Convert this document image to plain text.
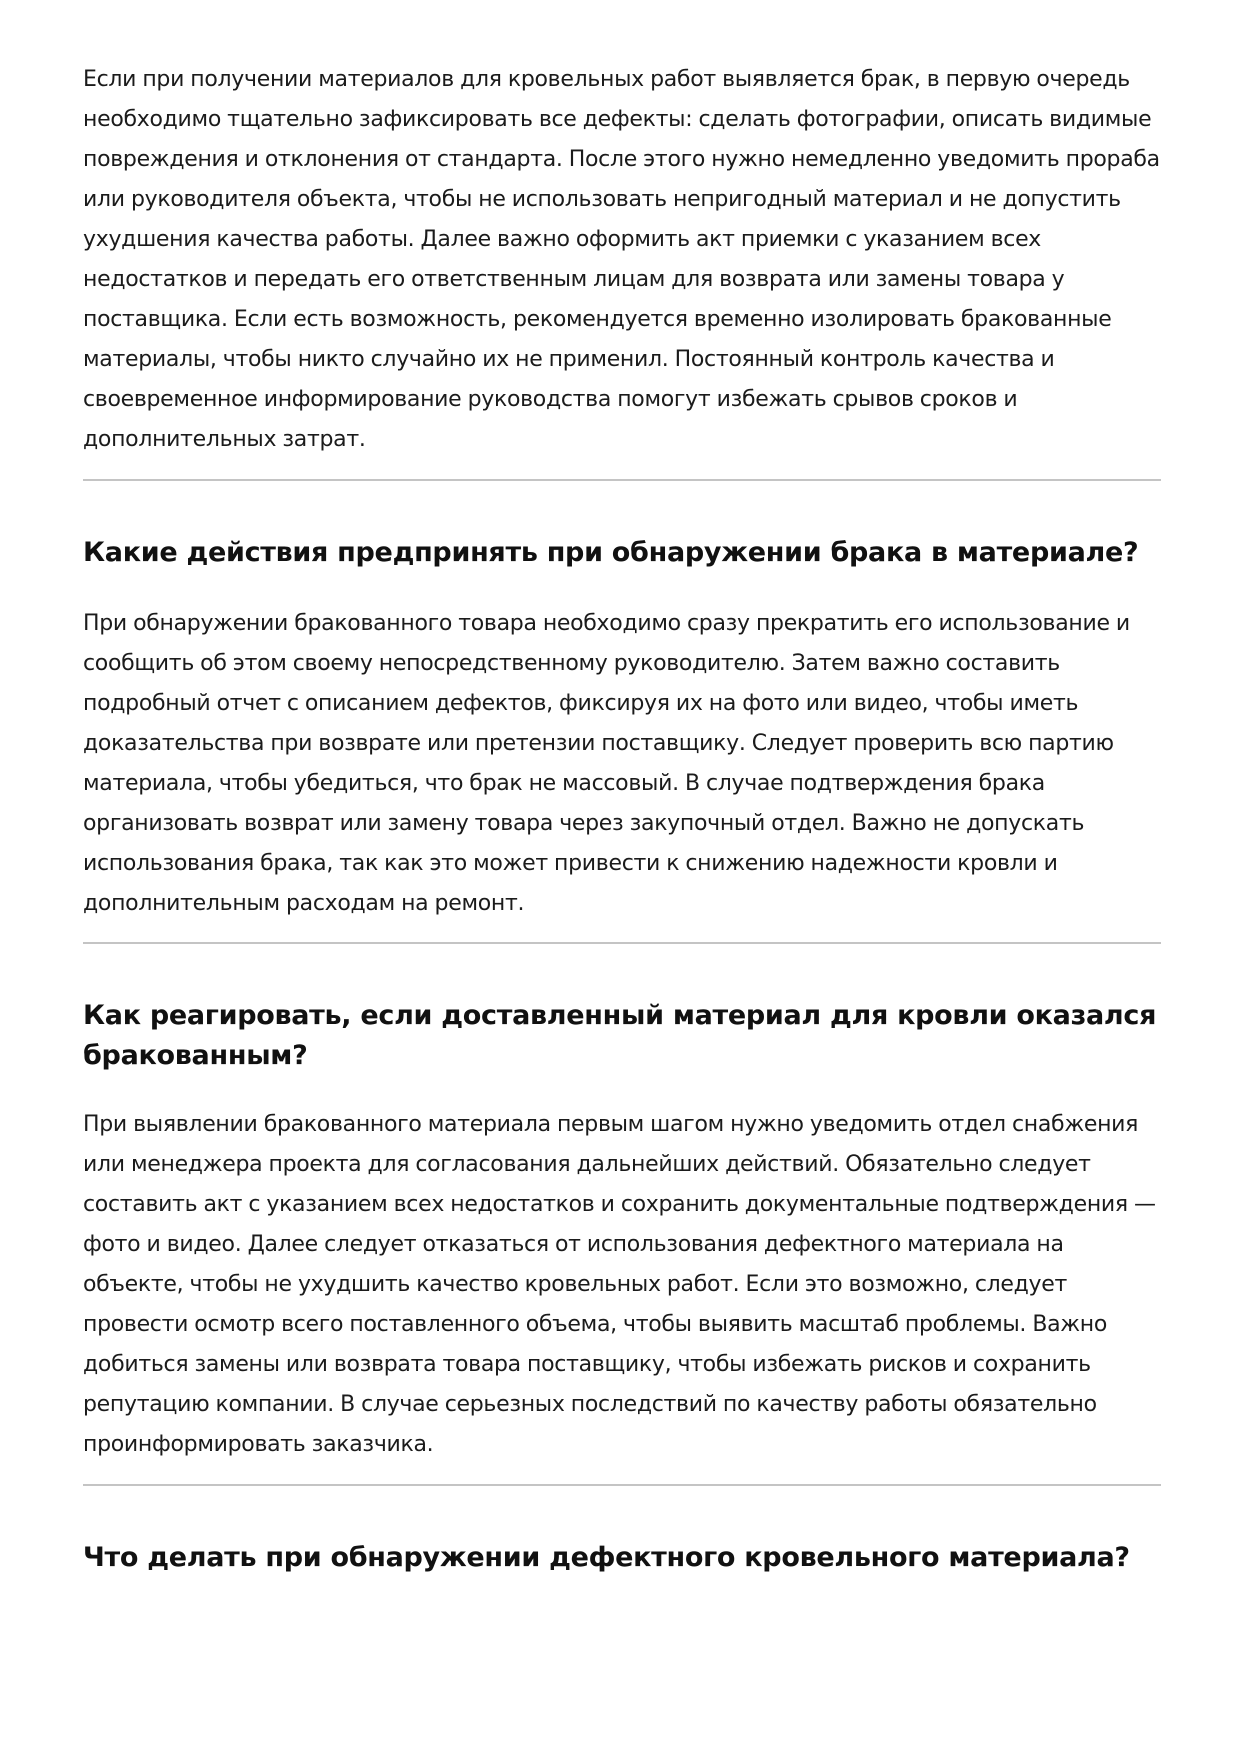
Если при получении материалов для кровельных работ выявляется брак, в первую очередь необходимо тщательно зафиксировать все дефекты: сделать фотографии, описать видимые повреждения и отклонения от стандарта. После этого нужно немедленно уведомить прораба или руководителя объекта, чтобы не использовать непригодный материал и не допустить ухудшения качества работы. Далее важно оформить акт приемки с указанием всех недостатков и передать его ответственным лицам для возврата или замены товара у поставщика. Если есть возможность, рекомендуется временно изолировать бракованные материалы, чтобы никто случайно их не применил. Постоянный контроль качества и своевременное информирование руководства помогут избежать срывов сроков и дополнительных затрат.

Какие действия предпринять при обнаружении брака в материале?

При обнаружении бракованного товара необходимо сразу прекратить его использование и сообщить об этом своему непосредственному руководителю. Затем важно составить подробный отчет с описанием дефектов, фиксируя их на фото или видео, чтобы иметь доказательства при возврате или претензии поставщику. Следует проверить всю партию материала, чтобы убедиться, что брак не массовый. В случае подтверждения брака организовать возврат или замену товара через закупочный отдел. Важно не допускать использования брака, так как это может привести к снижению надежности кровли и дополнительным расходам на ремонт.

Как реагировать, если доставленный материал для кровли оказался бракованным?

При выявлении бракованного материала первым шагом нужно уведомить отдел снабжения или менеджера проекта для согласования дальнейших действий. Обязательно следует составить акт с указанием всех недостатков и сохранить документальные подтверждения — фото и видео. Далее следует отказаться от использования дефектного материала на объекте, чтобы не ухудшить качество кровельных работ. Если это возможно, следует провести осмотр всего поставленного объема, чтобы выявить масштаб проблемы. Важно добиться замены или возврата товара поставщику, чтобы избежать рисков и сохранить репутацию компании. В случае серьезных последствий по качеству работы обязательно проинформировать заказчика.

Что делать при обнаружении дефектного кровельного материала?
